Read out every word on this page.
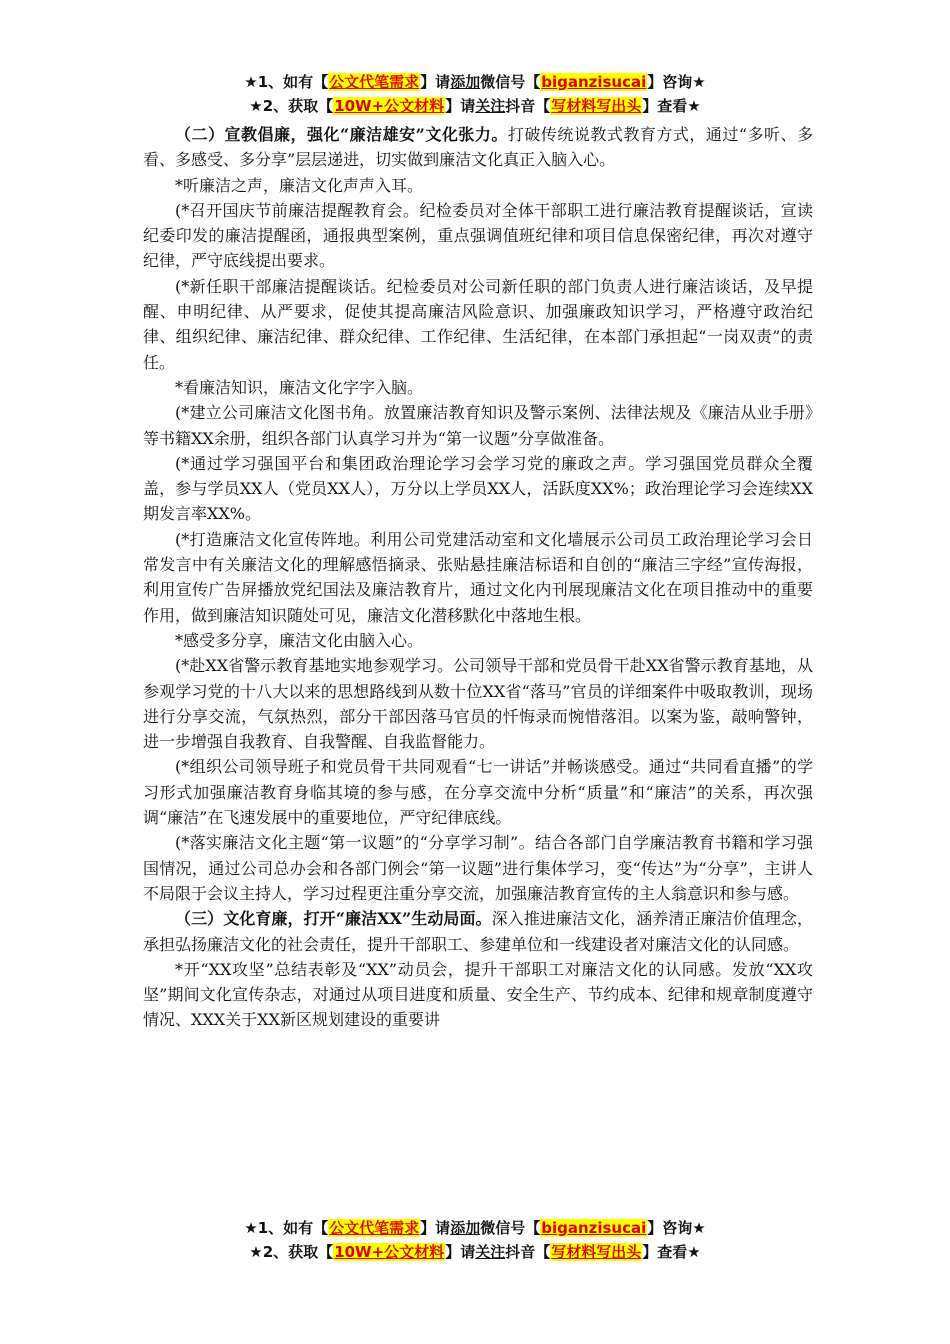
★1、如有【公文代笔需求】请添加微信号【biganzisucai】咨询★
★2、获取【10W+公文材料】请关注抖音【写材料写出头】查看★

（二）宣教倡廉，强化“廉洁雄安”文化张力。打破传统说教式教育方式，通过“多听、多看、多感受、多分享”层层递进，切实做到廉洁文化真正入脑入心。

*听廉洁之声，廉洁文化声声入耳。

(*召开国庆节前廉洁提醒教育会。纪检委员对全体干部职工进行廉洁教育提醒谈话，宣读纪委印发的廉洁提醒函，通报典型案例，重点强调值班纪律和项目信息保密纪律，再次对遵守纪律，严守底线提出要求。

(*新任职干部廉洁提醒谈话。纪检委员对公司新任职的部门负责人进行廉洁谈话，及早提醒、申明纪律、从严要求，促使其提高廉洁风险意识、加强廉政知识学习，严格遵守政治纪律、组织纪律、廉洁纪律、群众纪律、工作纪律、生活纪律，在本部门承担起“一岗双责”的责任。

*看廉洁知识，廉洁文化字字入脑。

(*建立公司廉洁文化图书角。放置廉洁教育知识及警示案例、法律法规及《廉洁从业手册》等书籍XX余册，组织各部门认真学习并为“第一议题”分享做准备。

(*通过学习强国平台和集团政治理论学习会学习党的廉政之声。学习强国党员群众全覆盖，参与学员XX人（党员XX人），万分以上学员XX人，活跃度XX%；政治理论学习会连续XX期发言率XX%。

(*打造廉洁文化宣传阵地。利用公司党建活动室和文化墙展示公司员工政治理论学习会日常发言中有关廉洁文化的理解感悟摘录、张贴悬挂廉洁标语和自创的“廉洁三字经”宣传海报，利用宣传广告屏播放党纪国法及廉洁教育片，通过文化内刊展现廉洁文化在项目推动中的重要作用，做到廉洁知识随处可见，廉洁文化潜移默化中落地生根。

*感受多分享，廉洁文化由脑入心。

(*赴XX省警示教育基地实地参观学习。公司领导干部和党员骨干赴XX省警示教育基地，从参观学习党的十八大以来的思想路线到从数十位XX省“落马”官员的详细案件中吸取教训，现场进行分享交流，气氛热烈，部分干部因落马官员的忏悔录而惋惜落泪。以案为鉴，敲响警钟，进一步增强自我教育、自我警醒、自我监督能力。

(*组织公司领导班子和党员骨干共同观看“七一讲话”并畅谈感受。通过“共同看直播”的学习形式加强廉洁教育身临其境的参与感，在分享交流中分析“质量”和“廉洁”的关系，再次强调“廉洁”在飞速发展中的重要地位，严守纪律底线。

(*落实廉洁文化主题“第一议题”的“分享学习制”。结合各部门自学廉洁教育书籍和学习强国情况，通过公司总办会和各部门例会“第一议题”进行集体学习，变“传达”为“分享”，主讲人不局限于会议主持人，学习过程更注重分享交流，加强廉洁教育宣传的主人翁意识和参与感。

（三）文化育廉，打开“廉洁XX”生动局面。深入推进廉洁文化，涵养清正廉洁价值理念，承担弘扬廉洁文化的社会责任，提升干部职工、参建单位和一线建设者对廉洁文化的认同感。

*开“XX攻坚”总结表彰及“XX”动员会，提升干部职工对廉洁文化的认同感。发放“XX攻坚”期间文化宣传杂志，对通过从项目进度和质量、安全生产、节约成本、纪律和规章制度遵守情况、XXX关于XX新区规划建设的重要讲

★1、如有【公文代笔需求】请添加微信号【biganzisucai】咨询★
★2、获取【10W+公文材料】请关注抖音【写材料写出头】查看★
